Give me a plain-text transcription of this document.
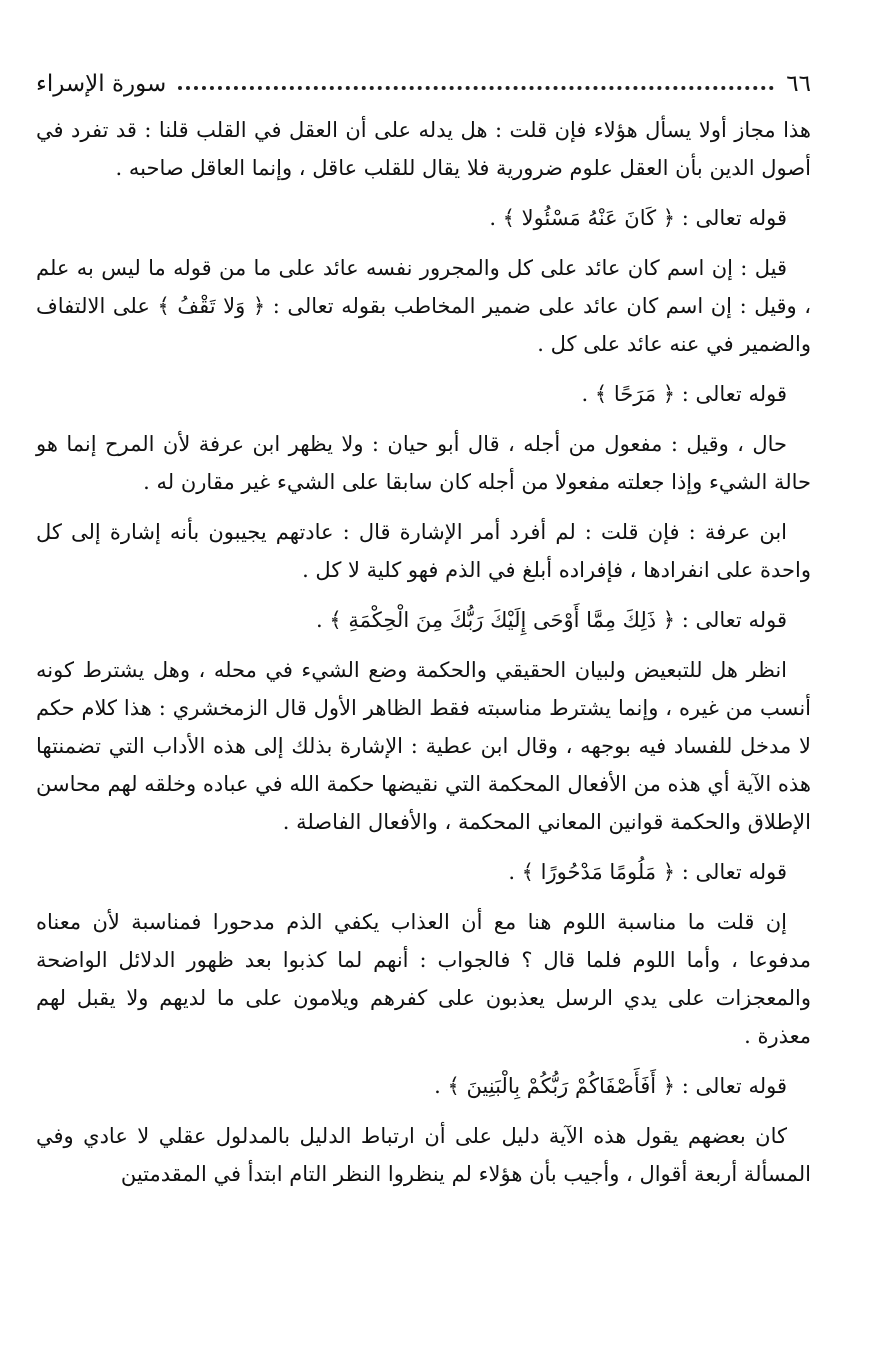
٦٦
سورة الإسراء

هذا مجاز أولا يسأل هؤلاء فإن قلت : هل يدله على أن العقل في القلب قلنا : قد تفرد في أصول الدين بأن العقل علوم ضرورية فلا يقال للقلب عاقل ، وإنما العاقل صاحبه .

قوله تعالى : ﴿ كَانَ عَنْهُ مَسْئُولا ﴾ .

قيل : إن اسم كان عائد على كل والمجرور نفسه عائد على ما من قوله ما ليس به علم ، وقيل : إن اسم كان عائد على ضمير المخاطب بقوله تعالى : ﴿ وَلا تَقْفُ ﴾ على الالتفاف والضمير في عنه عائد على كل .

قوله تعالى : ﴿ مَرَحًا ﴾ .

حال ، وقيل : مفعول من أجله ، قال أبو حيان : ولا يظهر ابن عرفة لأن المرح إنما هو حالة الشيء وإذا جعلته مفعولا من أجله كان سابقا على الشيء غير مقارن له .

ابن عرفة : فإن قلت : لم أفرد أمر الإشارة قال : عادتهم يجيبون بأنه إشارة إلى كل واحدة على انفرادها ، فإفراده أبلغ في الذم فهو كلية لا كل .

قوله تعالى : ﴿ ذَلِكَ مِمَّا أَوْحَى إِلَيْكَ رَبُّكَ مِنَ الْحِكْمَةِ ﴾ .

انظر هل للتبعيض ولبيان الحقيقي والحكمة وضع الشيء في محله ، وهل يشترط كونه أنسب من غيره ، وإنما يشترط مناسبته فقط الظاهر الأول قال الزمخشري : هذا كلام حكم لا مدخل للفساد فيه بوجهه ، وقال ابن عطية : الإشارة بذلك إلى هذه الأداب التي تضمنتها هذه الآية أي هذه من الأفعال المحكمة التي نقيضها حكمة الله في عباده وخلقه لهم محاسن الإطلاق والحكمة قوانين المعاني المحكمة ، والأفعال الفاصلة .

قوله تعالى : ﴿ مَلُومًا مَدْحُورًا ﴾ .

إن قلت ما مناسبة اللوم هنا مع أن العذاب يكفي الذم مدحورا فمناسبة لأن معناه مدفوعا ، وأما اللوم فلما قال ؟ فالجواب : أنهم لما كذبوا بعد ظهور الدلائل الواضحة والمعجزات على يدي الرسل يعذبون على كفرهم ويلامون على ما لديهم ولا يقبل لهم معذرة .

قوله تعالى : ﴿ أَفَأَصْفَاكُمْ رَبُّكُمْ بِالْبَنِينَ ﴾ .

كان بعضهم يقول هذه الآية دليل على أن ارتباط الدليل بالمدلول عقلي لا عادي وفي المسألة أربعة أقوال ، وأجيب بأن هؤلاء لم ينظروا النظر التام ابتدأ في المقدمتين
